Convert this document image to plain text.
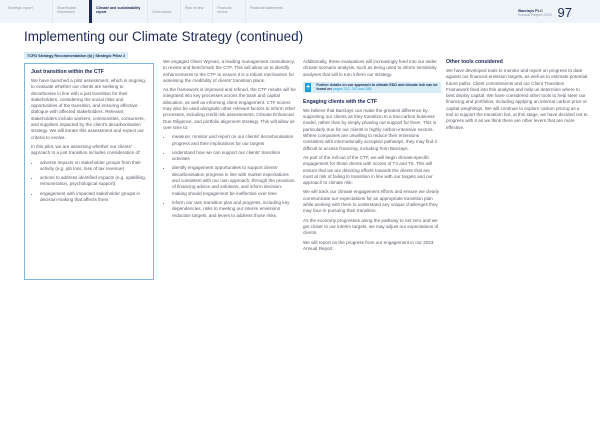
Strategic report	Shareholder information
Climate and sustainability report	Governance
Risk review	Financial review
Financial statements
Barclays PLC
Annual Report 2022 97
Implementing our Climate Strategy (continued)
TCFD Strategy Recommendation (b) | Strategic Pillar 2
Just transition within the CTF

We have launched a pilot assessment, which is ongoing, to evaluate whether our clients are seeking to decarbonise in line with a just transition for their stakeholders, considering the social risks and opportunities of the transition, and ensuring effective dialogue with affected stakeholders. Relevant stakeholders include workers, communities, consumers, and suppliers impacted by the client's decarbonisation strategy. We will iterate this assessment and expect our criteria to evolve.

In this pilot, we are assessing whether our clients' approach to a just transition includes consideration of:

• adverse impacts on stakeholder groups from their activity (e.g. job loss, loss of tax revenue)
• actions to address identified impacts (e.g. upskilling, remuneration, psychological support)
• engagement with impacted stakeholder groups in decision-making that affects them.

We engaged Oliver Wyman, a leading management consultancy, to review and benchmark the CTF. This will allow us to identify enhancements to the CTF to ensure it is a robust mechanism for assessing the credibility of clients' transition plans.

As the framework is improved and refined, the CTF results will be integrated into key processes across the bank and capital allocation, as well as informing client engagement. CTF scores may also be used alongside other relevant factors to inform other processes, including credit risk assessments, Climate Enhanced Due Diligence, and portfolio alignment strategy. This will allow us over time to:

• measure, monitor and report on our clients' decarbonisation progress and their implications for our targets
• understand how we can support our clients' transition activities
• identify engagement opportunities to support clients' decarbonisation progress in line with market expectations and consistent with our own approach, through the provision of financing advice and solutions, and inform decision-making should engagement be ineffective over time
• inform our own transition plan and progress, including key dependencies, risks to meeting our interim emissions reduction targets, and levers to address those risks.

Additionally, these evaluations will increasingly feed into our wider climate scenario analysis, such as being used to inform sensitivity analyses that will in turn inform our strategy.

+	Further details on our approach to climate EDD and climate risk can be found on pages 212, 213 and 285
Engaging clients with the CTF

We believe that Barclays can make the greatest difference by supporting our clients as they transition to a low-carbon business model, rather than by simply phasing out support for them. This is particularly true for our clients in highly carbon-intensive sectors. Where companies are unwilling to reduce their emissions consistent with internationally accepted pathways, they may find it difficult to access financing, including from Barclays.

As part of the roll-out of the CTF, we will begin climate-specific engagement for those clients with scores of T4 and T5. This will ensure that we are directing efforts towards the clients that are most at risk of failing to transition in line with our targets and our approach to climate risk.

We will track our climate engagement efforts and ensure we clearly communicate our expectations for an appropriate transition plan while working with them to understand any unique challenges they may face in pursuing their transition.

As the economy progresses along the pathway to net zero and we get closer to our interim targets, we may adjust our expectations of clients.

We will report on the progress from our engagement in our 2023 Annual Report.

Other tools considered

We have developed tools to monitor and report on progress to date against our financed emission targets, as well as to estimate potential future paths. Client commitments and our Client Transition Framework feed into this analysis and help us determine where to best deploy capital. We have considered other tools to help steer our financing and portfolios, including applying an internal carbon price or capital weightings. We will continue to explore carbon pricing as a tool to support the transition but, at this stage, we have decided not to progress with it as we think there are other levers that are more effective.
